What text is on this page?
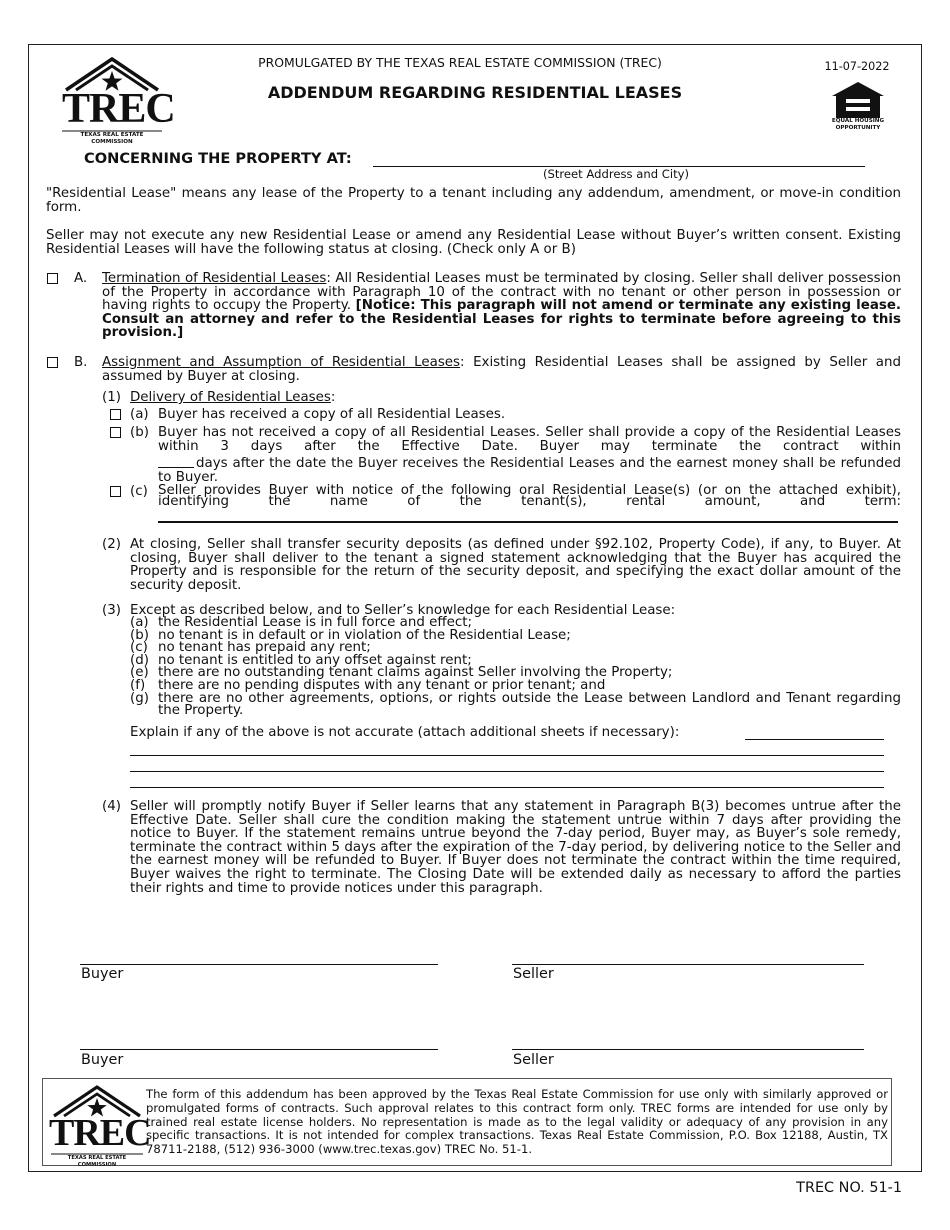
TREC
TEXAS REAL ESTATE COMMISSION
PROMULGATED BY THE TEXAS REAL ESTATE COMMISSION (TREC)	11-07-2022
ADDENDUM REGARDING RESIDENTIAL LEASES
EQUAL HOUSING
OPPORTUNITY
CONCERNING THE PROPERTY AT:
(Street Address and City)
"Residential Lease" means any lease of the Property to a tenant including any addendum, amendment, or move-in condition form.
Seller may not execute any new Residential Lease or amend any Residential Lease without Buyer’s written consent. Existing Residential Leases will have the following status at closing. (Check only A or B)
A. Termination of Residential Leases: All Residential Leases must be terminated by closing. Seller shall deliver possession of the Property in accordance with Paragraph 10 of the contract with no tenant or other person in possession or having rights to occupy the Property. [Notice: This paragraph will not amend or terminate any existing lease. Consult an attorney and refer to the Residential Leases for rights to terminate before agreeing to this provision.]
B. Assignment and Assumption of Residential Leases: Existing Residential Leases shall be assigned by Seller and assumed by Buyer at closing.
(1) Delivery of Residential Leases:
(a) Buyer has received a copy of all Residential Leases.
(b) Buyer has not received a copy of all Residential Leases. Seller shall provide a copy of the Residential Leases within 3 days after the Effective Date. Buyer may terminate the contract within
days after the date the Buyer receives the Residential Leases and the earnest money shall be refunded to Buyer.
(c) Seller provides Buyer with notice of the following oral Residential Lease(s) (or on the attached exhibit), identifying the name of the tenant(s), rental amount, and term:
(2) At closing, Seller shall transfer security deposits (as defined under §92.102, Property Code), if any, to Buyer. At closing, Buyer shall deliver to the tenant a signed statement acknowledging that the Buyer has acquired the Property and is responsible for the return of the security deposit, and specifying the exact dollar amount of the security deposit.
(3) Except as described below, and to Seller’s knowledge for each Residential Lease:
(a) the Residential Lease is in full force and effect;
(b) no tenant is in default or in violation of the Residential Lease;
(c) no tenant has prepaid any rent;
(d) no tenant is entitled to any offset against rent;
(e) there are no outstanding tenant claims against Seller involving the Property;
(f) there are no pending disputes with any tenant or prior tenant; and
(g) there are no other agreements, options, or rights outside the Lease between Landlord and Tenant regarding the Property.
Explain if any of the above is not accurate (attach additional sheets if necessary):
(4) Seller will promptly notify Buyer if Seller learns that any statement in Paragraph B(3) becomes untrue after the Effective Date. Seller shall cure the condition making the statement untrue within 7 days after providing the notice to Buyer. If the statement remains untrue beyond the 7-day period, Buyer may, as Buyer’s sole remedy, terminate the contract within 5 days after the expiration of the 7-day period, by delivering notice to the Seller and the earnest money will be refunded to Buyer. If Buyer does not terminate the contract within the time required, Buyer waives the right to terminate. The Closing Date will be extended daily as necessary to afford the parties their rights and time to provide notices under this paragraph.
Buyer	Seller
Buyer	Seller
TREC
TEXAS REAL ESTATE COMMISSION
The form of this addendum has been approved by the Texas Real Estate Commission for use only with similarly approved or promulgated forms of contracts. Such approval relates to this contract form only. TREC forms are intended for use only by trained real estate license holders. No representation is made as to the legal validity or adequacy of any provision in any specific transactions. It is not intended for complex transactions. Texas Real Estate Commission, P.O. Box 12188, Austin, TX 78711-2188, (512) 936-3000 (www.trec.texas.gov) TREC No. 51-1.
TREC NO. 51-1
